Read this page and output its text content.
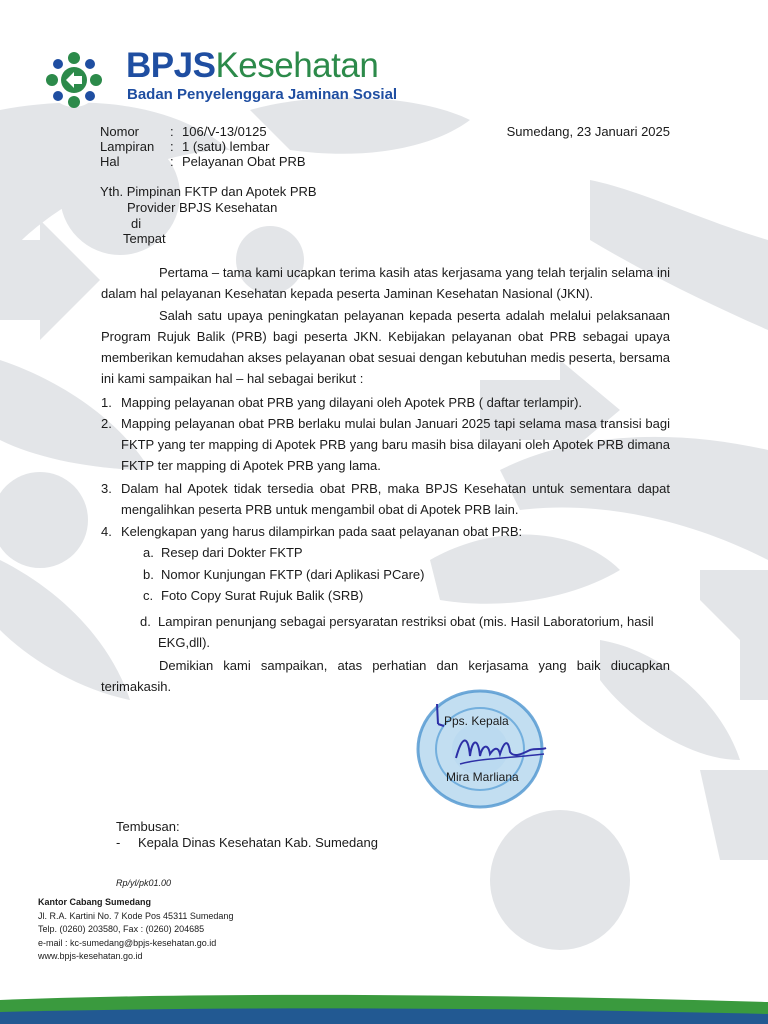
BPJSKesehatan
Badan Penyelenggara Jaminan Sosial
Nomor : 106/V-13/0125
Lampiran : 1 (satu) lembar
Hal	: Pelayanan Obat PRB
Sumedang, 23 Januari 2025
Yth. Pimpinan FKTP dan Apotek PRB
Provider BPJS Kesehatan
di
Tempat
Pertama – tama kami ucapkan terima kasih atas kerjasama yang telah terjalin selama ini dalam hal pelayanan Kesehatan kepada peserta Jaminan Kesehatan Nasional (JKN).
Salah satu upaya peningkatan pelayanan kepada peserta adalah melalui pelaksanaan Program Rujuk Balik (PRB) bagi peserta JKN. Kebijakan pelayanan obat PRB sebagai upaya memberikan kemudahan akses pelayanan obat sesuai dengan kebutuhan medis peserta, bersama ini kami sampaikan hal – hal sebagai berikut :
1. Mapping pelayanan obat PRB yang dilayani oleh Apotek PRB ( daftar terlampir).
2. Mapping pelayanan obat PRB berlaku mulai bulan Januari 2025 tapi selama masa transisi bagi FKTP yang ter mapping di Apotek PRB yang baru masih bisa dilayani oleh Apotek PRB dimana FKTP ter mapping di Apotek PRB yang lama.
3. Dalam hal Apotek tidak tersedia obat PRB, maka BPJS Kesehatan untuk sementara dapat mengalihkan peserta PRB untuk mengambil obat di Apotek PRB lain.
4. Kelengkapan yang harus dilampirkan pada saat pelayanan obat PRB:
a. Resep dari Dokter FKTP
b. Nomor Kunjungan FKTP (dari Aplikasi PCare)
c. Foto Copy Surat Rujuk Balik (SRB)
d. Lampiran penunjang sebagai persyaratan restriksi obat (mis. Hasil Laboratorium, hasil EKG,dll).
Demikian kami sampaikan, atas perhatian dan kerjasama yang baik diucapkan terimakasih.
Pps. Kepala
Mira Marliana
Tembusan:
- Kepala Dinas Kesehatan Kab. Sumedang
Rp/yl/pk01.00
Kantor Cabang Sumedang
Jl. R.A. Kartini No. 7 Kode Pos 45311 Sumedang
Telp. (0260) 203580, Fax : (0260) 204685
e-mail : kc-sumedang@bpjs-kesehatan.go.id
www.bpjs-kesehatan.go.id
